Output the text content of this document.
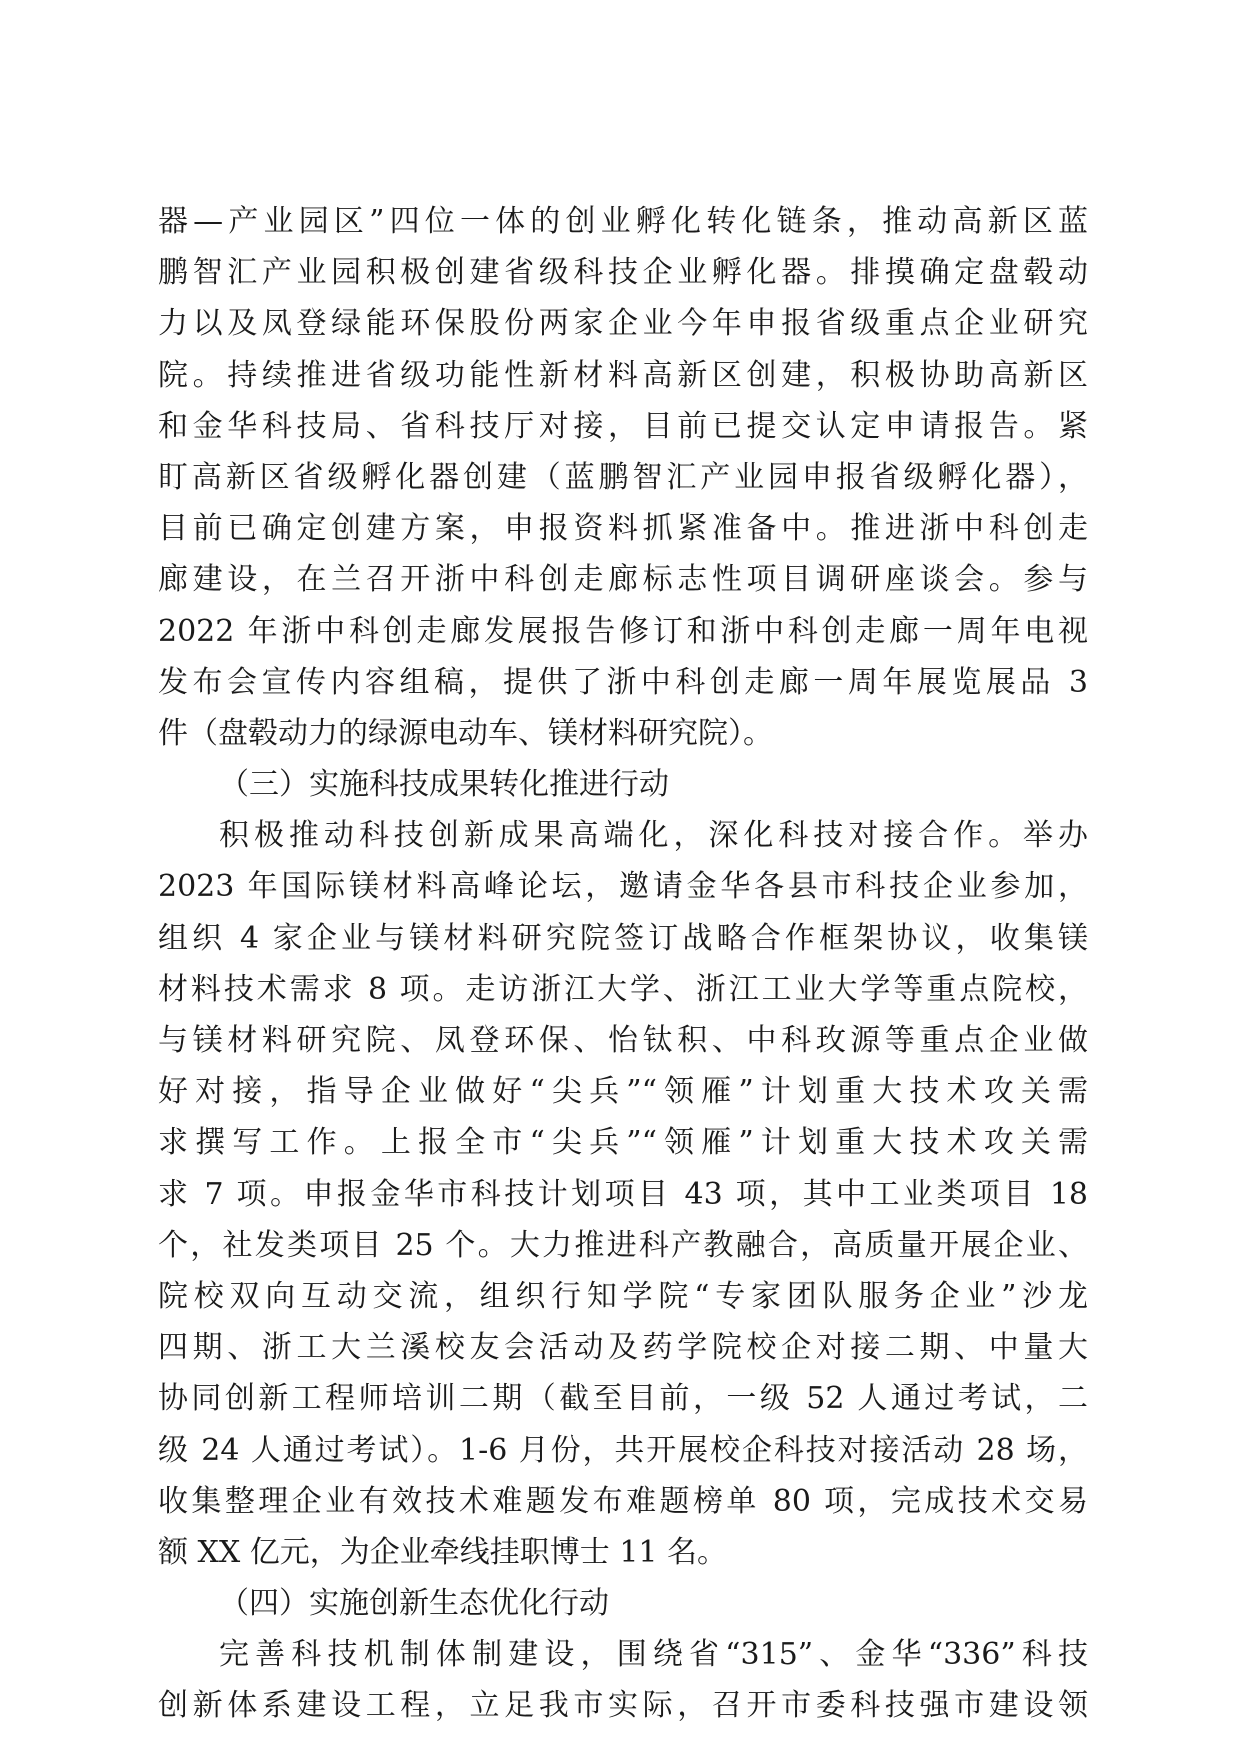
器—产业园区”四位一体的创业孵化转化链条，推动高新区蓝
鹏智汇产业园积极创建省级科技企业孵化器。排摸确定盘毂动
力以及凤登绿能环保股份两家企业今年申报省级重点企业研究
院。持续推进省级功能性新材料高新区创建，积极协助高新区
和金华科技局、省科技厅对接，目前已提交认定申请报告。紧
盯高新区省级孵化器创建（蓝鹏智汇产业园申报省级孵化器），
目前已确定创建方案，申报资料抓紧准备中。推进浙中科创走
廊建设，在兰召开浙中科创走廊标志性项目调研座谈会。参与
2022 年浙中科创走廊发展报告修订和浙中科创走廊一周年电视
发布会宣传内容组稿，提供了浙中科创走廊一周年展览展品 3
件（盘毂动力的绿源电动车、镁材料研究院）。
（三）实施科技成果转化推进行动
积极推动科技创新成果高端化，深化科技对接合作。举办
2023 年国际镁材料高峰论坛，邀请金华各县市科技企业参加，
组织 4 家企业与镁材料研究院签订战略合作框架协议，收集镁
材料技术需求 8 项。走访浙江大学、浙江工业大学等重点院校，
与镁材料研究院、凤登环保、怡钛积、中科玫源等重点企业做
好对接，指导企业做好“尖兵”“领雁”计划重大技术攻关需
求撰写工作。上报全市“尖兵”“领雁”计划重大技术攻关需
求 7 项。申报金华市科技计划项目 43 项，其中工业类项目 18
个，社发类项目 25 个。大力推进科产教融合，高质量开展企业、
院校双向互动交流，组织行知学院“专家团队服务企业”沙龙
四期、浙工大兰溪校友会活动及药学院校企对接二期、中量大
协同创新工程师培训二期（截至目前，一级 52 人通过考试，二
级 24 人通过考试）。1-6 月份，共开展校企科技对接活动 28 场，
收集整理企业有效技术难题发布难题榜单 80 项，完成技术交易
额 XX 亿元，为企业牵线挂职博士 11 名。
（四）实施创新生态优化行动
完善科技机制体制建设，围绕省“315”、金华“336”科技
创新体系建设工程，立足我市实际，召开市委科技强市建设领
